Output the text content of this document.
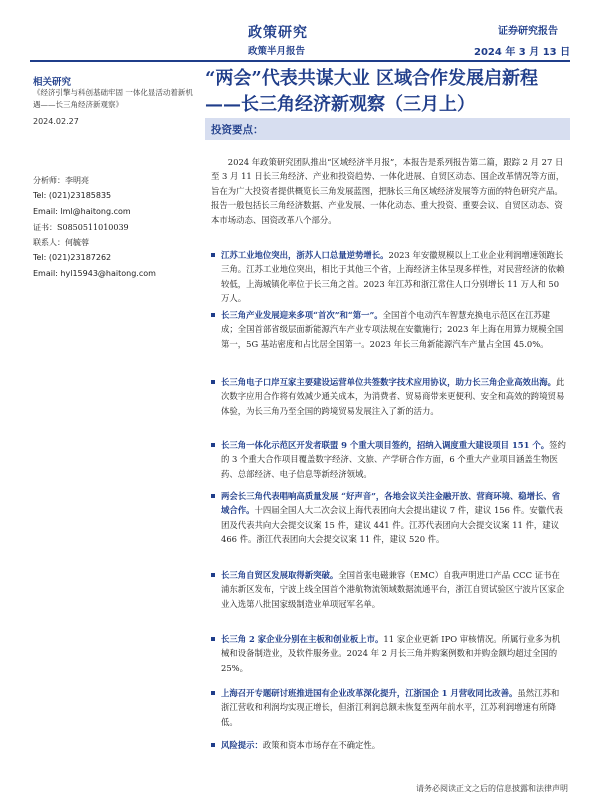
政策研究
政策半月报告
证券研究报告
2024 年 3 月 13 日
“两会”代表共谋大业 区域合作发展启新程——长三角经济新观察（三月上）
相关研究
《经济引擎与科创基础牢固 一体化显活动着新机遇——长三角经济新观察》
2024.02.27
分析师：李明亮
Tel: (021)23185835
Email: lml@haitong.com
证书：S0850511010039
联系人：何毓蓉
Tel: (021)23187262
Email: hyl15943@haitong.com
投资要点：
2024 年政策研究团队推出“区域经济半月报”，本报告是系列报告第二篇，跟踪 2 月 27 日至 3 月 11 日长三角经济、产业和投资趋势、一体化进展、自贸区动态、国企改革情况等方面，旨在为广大投资者提供概览长三角发展蓝图，把脉长三角区域经济发展等方面的特色研究产品。报告一般包括长三角经济数据、产业发展、一体化动态、重大投资、重要会议、自贸区动态、资本市场动态、国资改革八个部分。
江苏工业地位突出，浙苏人口总量逆势增长。2023 年安徽规模以上工业企业利润增速领跑长三角。江苏工业地位突出，相比于其他三个省，上海经济主体呈现多样性，对民营经济的依赖较低，上海城镇化率位于长三角之首。2023 年江苏和浙江常住人口分别增长 11 万人和 50 万人。
长三角产业发展迎来多项“首次”和“第一”。全国首个电动汽车智慧充换电示范区在江苏建成；全国首部省级层面新能源汽车产业专项法规在安徽施行；2023 年上海在用算力规模全国第一，5G 基站密度和占比居全国第一。2023 年长三角新能源汽车产量占全国 45.0%。
长三角电子口岸互家主要建设运营单位共签数字技术应用协议，助力长三角企业高效出海。此次数字应用合作将有效减少通关成本，为消费者、贸易商带来更便利、安全和高效的跨境贸易体验，为长三角乃至全国的跨境贸易发展注入了新的活力。
长三角一体化示范区开发者联盟 9 个重大项目签约，招纳入调度重大建设项目 151 个。签约的 3 个重大合作项目覆盖数字经济、文旅、产学研合作方面，6 个重大产业项目涵盖生物医药、总部经济、电子信息等新经济领域。
两会长三角代表唱响高质量发展 “好声音”，各地会议关注金融开放、营商环境、稳增长、省域合作。十四届全国人大二次会议上海代表团向大会提出建议 7 件，建议 156 件。安徽代表团及代表共向大会提交议案 15 件，建议 441 件。江苏代表团向大会提交议案 11 件，建议 466 件。浙江代表团向大会提交议案 11 件，建议 520 件。
长三角自贸区发展取得新突破。全国首张电磁兼容（EMC）自我声明进口产品 CCC 证书在浦东新区发布，宁波上线全国首个港航物流领域数据流通平台，浙江自贸试验区宁波片区家企业入选第八批国家级制造业单项冠军名单。
长三角 2 家企业分别在主板和创业板上市。11 家企业更新 IPO 审核情况。所属行业多为机械和设备制造业，及软件服务业。2024 年 2 月长三角并购案例数和并购金额均超过全国的 25%。
上海召开专题研讨班推进国有企业改革深化提升，江浙国企 1 月营收同比改善。虽然江苏和浙江营收和利润均实现正增长，但浙江利润总额未恢复至两年前水平，江苏利润增速有所降低。
风险提示：政策和资本市场存在不确定性。
请务必阅读正文之后的信息披露和法律声明
